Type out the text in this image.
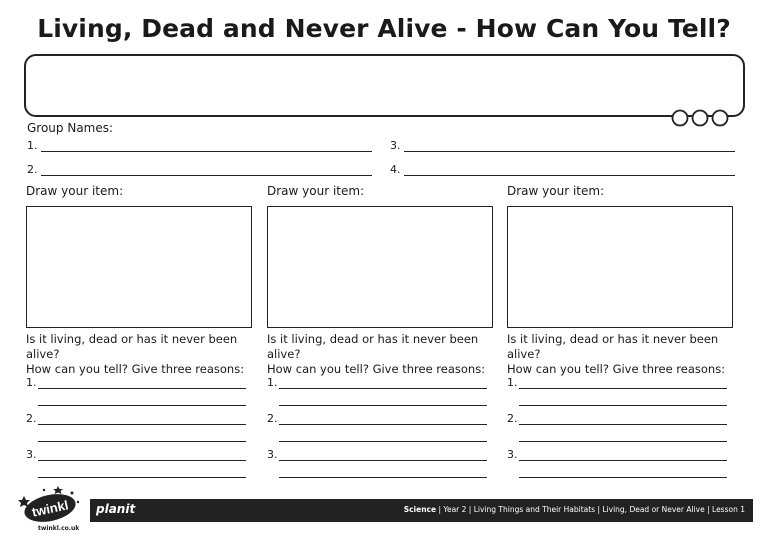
Living, Dead and Never Alive - How Can You Tell?
Group Names:
1.
2.
3.
4.
Draw your item:
Is it living, dead or has it never been alive?
How can you tell? Give three reasons:
1.
2.
3.
Draw your item:
Is it living, dead or has it never been alive?
How can you tell? Give three reasons:
1.
2.
3.
Draw your item:
Is it living, dead or has it never been alive?
How can you tell? Give three reasons:
1.
2.
3.
planit	Science | Year 2 | Living Things and Their Habitats | Living, Dead or Never Alive | Lesson 1
twinkl
twinkl.co.uk
